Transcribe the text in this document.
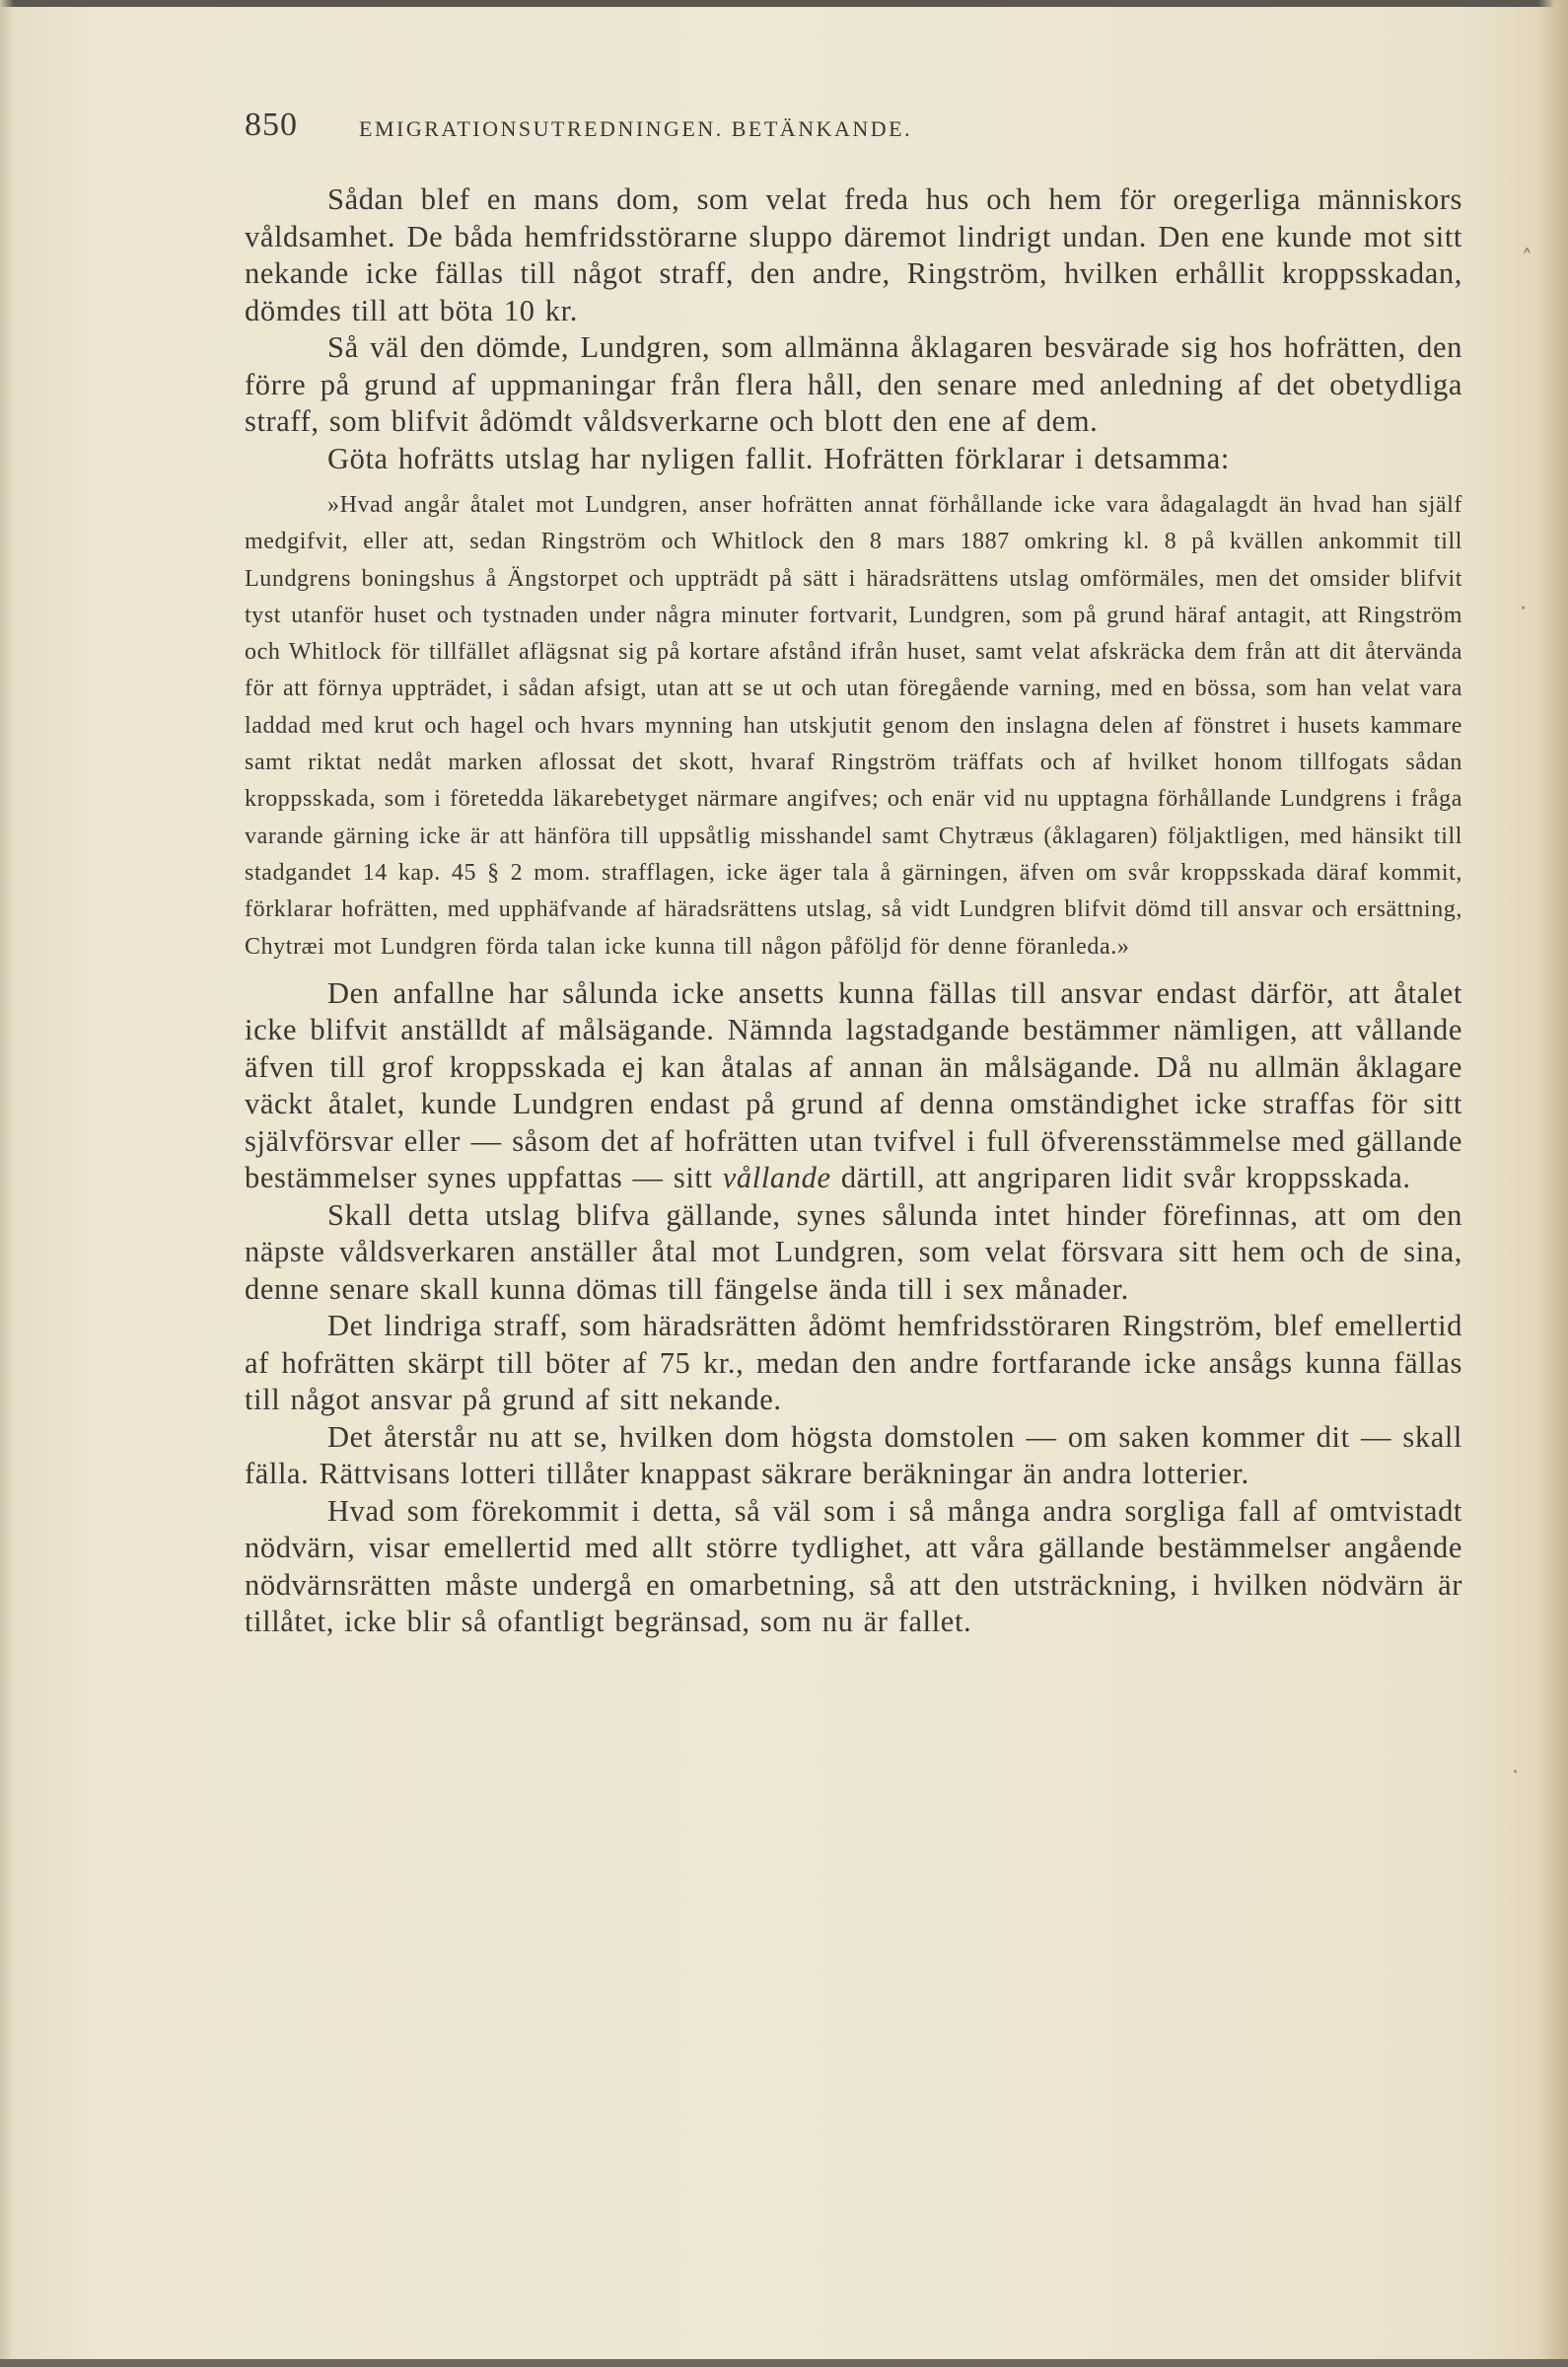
˄
·
·
850	EMIGRATIONSUTREDNINGEN. BETÄNKANDE.

Sådan blef en mans dom, som velat freda hus och hem för oregerliga människors våldsamhet. De båda hemfridsstörarne sluppo däremot lindrigt undan. Den ene kunde mot sitt nekande icke fällas till något straff, den andre, Ringström, hvilken erhållit kroppsskadan, dömdes till att böta 10 kr.

Så väl den dömde, Lundgren, som allmänna åklagaren besvärade sig hos hofrätten, den förre på grund af uppmaningar från flera håll, den senare med anledning af det obetydliga straff, som blifvit ådömdt våldsverkarne och blott den ene af dem.

Göta hofrätts utslag har nyligen fallit. Hofrätten förklarar i detsamma:

»Hvad angår åtalet mot Lundgren, anser hofrätten annat förhållande icke vara ådagalagdt än hvad han själf medgifvit, eller att, sedan Ringström och Whitlock den 8 mars 1887 omkring kl. 8 på kvällen ankommit till Lundgrens boningshus å Ängstorpet och uppträdt på sätt i häradsrättens utslag omförmäles, men det omsider blifvit tyst utanför huset och tystnaden under några minuter fortvarit, Lundgren, som på grund häraf antagit, att Ringström och Whitlock för tillfället aflägsnat sig på kortare afstånd ifrån huset, samt velat afskräcka dem från att dit återvända för att förnya uppträdet, i sådan afsigt, utan att se ut och utan föregående varning, med en bössa, som han velat vara laddad med krut och hagel och hvars mynning han utskjutit genom den inslagna delen af fönstret i husets kammare samt riktat nedåt marken aflossat det skott, hvaraf Ringström träffats och af hvilket honom tillfogats sådan kroppsskada, som i företedda läkarebetyget närmare angifves; och enär vid nu upptagna förhållande Lundgrens i fråga varande gärning icke är att hänföra till uppsåtlig misshandel samt Chytræus (åklagaren) följaktligen, med hänsikt till stadgandet 14 kap. 45 § 2 mom. strafflagen, icke äger tala å gärningen, äfven om svår kroppsskada däraf kommit, förklarar hofrätten, med upphäfvande af häradsrättens utslag, så vidt Lundgren blifvit dömd till ansvar och ersättning, Chytræi mot Lundgren förda talan icke kunna till någon påföljd för denne föranleda.»

Den anfallne har sålunda icke ansetts kunna fällas till ansvar endast därför, att åtalet icke blifvit anställdt af målsägande. Nämnda lagstadgande bestämmer nämligen, att vållande äfven till grof kroppsskada ej kan åtalas af annan än målsägande. Då nu allmän åklagare väckt åtalet, kunde Lundgren endast på grund af denna omständighet icke straffas för sitt självförsvar eller — såsom det af hofrätten utan tvifvel i full öfverensstämmelse med gällande bestämmelser synes uppfattas — sitt vållande därtill, att angriparen lidit svår kroppsskada.

Skall detta utslag blifva gällande, synes sålunda intet hinder förefinnas, att om den näpste våldsverkaren anställer åtal mot Lundgren, som velat försvara sitt hem och de sina, denne senare skall kunna dömas till fängelse ända till i sex månader.

Det lindriga straff, som häradsrätten ådömt hemfridsstöraren Ringström, blef emellertid af hofrätten skärpt till böter af 75 kr., medan den andre fortfarande icke ansågs kunna fällas till något ansvar på grund af sitt nekande.

Det återstår nu att se, hvilken dom högsta domstolen — om saken kommer dit — skall fälla. Rättvisans lotteri tillåter knappast säkrare beräkningar än andra lotterier.

Hvad som förekommit i detta, så väl som i så många andra sorgliga fall af omtvistadt nödvärn, visar emellertid med allt större tydlighet, att våra gällande bestämmelser angående nödvärnsrätten måste undergå en omarbetning, så att den utsträckning, i hvilken nödvärn är tillåtet, icke blir så ofantligt begränsad, som nu är fallet.
